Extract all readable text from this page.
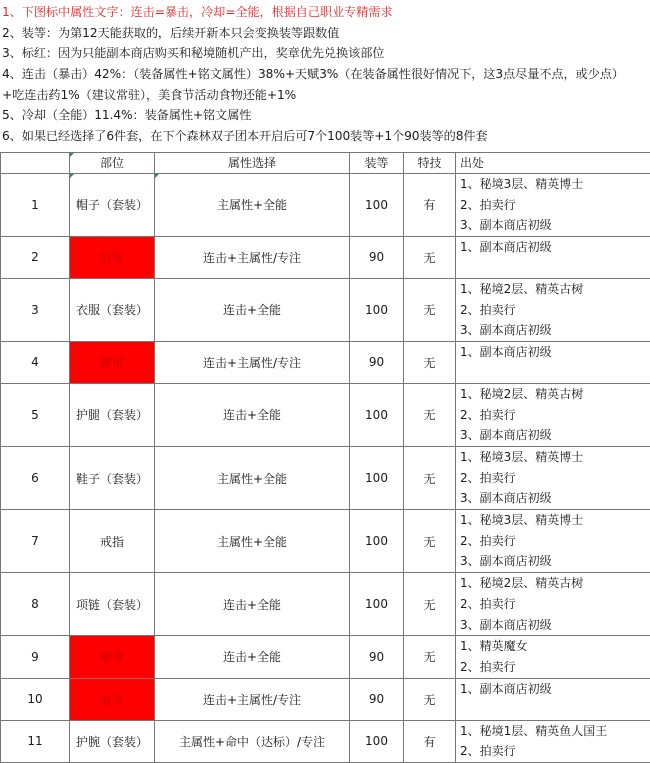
1、下图标中属性文字：连击=暴击，冷却=全能，根据自己职业专精需求
2、装等：为第12天能获取的，后续开新本只会变换装等跟数值
3、标红：因为只能副本商店购买和秘境随机产出，奖章优先兑换该部位
4、连击（暴击）42%：（装备属性+铭文属性）38%+天赋3%（在装备属性很好情况下，这3点尽量不点，或少点）
+吃连击药1%（建议常驻），美食节活动食物还能+1%
5、冷却（全能）11.4%：装备属性+铭文属性
6、如果已经选择了6件套，在下个森林双子团本开启后可7个100装等+1个90装等的8件套
	部位	属性选择	装等	特技	出处
1	帽子（套装）	主属性+全能	100	有	1、秘境3层、精英博士
2、拍卖行
3、副本商店初级

2	肩膀	连击+主属性/专注	90	无	1、副本商店初级

3	衣服（套装）	连击+全能	100	无	1、秘境2层、精英古树
2、拍卖行
3、副本商店初级

4	腰带	连击+主属性/专注	90	无	1、副本商店初级

5	护腿（套装）	连击+全能	100	无	1、秘境2层、精英古树
2、拍卖行
3、副本商店初级

6	鞋子（套装）	主属性+全能	100	无	1、秘境3层、精英博士
2、拍卖行
3、副本商店初级

7	戒指	主属性+全能	100	无	1、秘境3层、精英博士
2、拍卖行
3、副本商店初级

8	项链（套装）	连击+全能	100	无	1、秘境2层、精英古树
2、拍卖行
3、副本商店初级

9	徽章	连击+全能	90	无	1、精英魔女
2、拍卖行

10	披风	连击+主属性/专注	90	无	1、副本商店初级

11	护腕（套装）	主属性+命中（达标）/专注	100	有	1、秘境1层、精英鱼人国王
2、拍卖行
